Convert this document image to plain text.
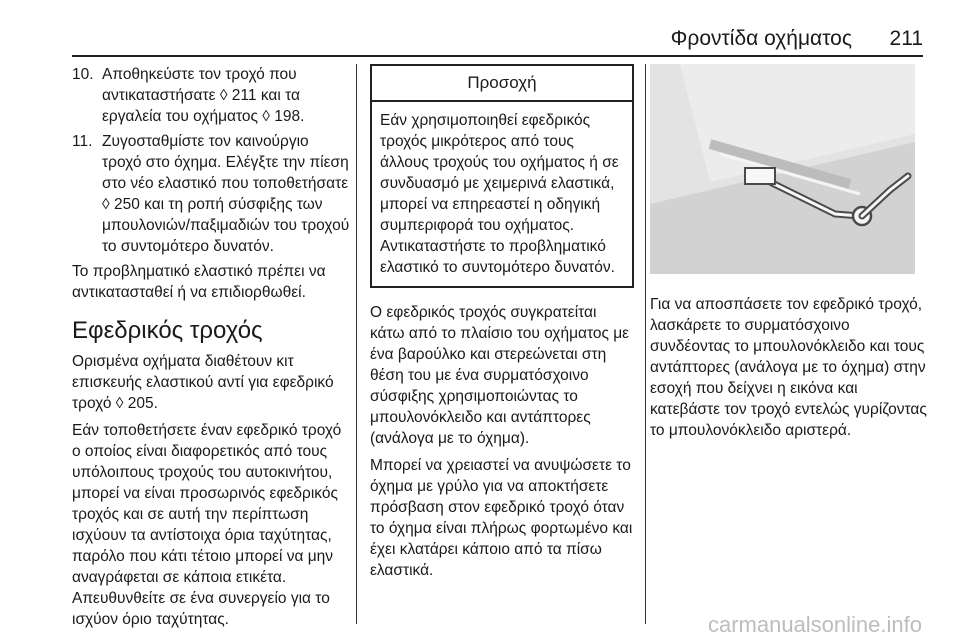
Φροντίδα οχήματος 211
10. Αποθηκεύστε τον τροχό που αντικαταστήσατε ◊ 211 και τα εργαλεία του οχήματος ◊ 198.
11. Ζυγοσταθμίστε τον καινούργιο τροχό στο όχημα. Ελέγξτε την πίεση στο νέο ελαστικό που τοποθετήσατε ◊ 250 και τη ροπή σύσφιξης των μπουλονιών/παξιμαδιών του τροχού το συντομότερο δυνατόν.

Το προβληματικό ελαστικό πρέπει να αντικατασταθεί ή να επιδιορθωθεί.

Εφεδρικός τροχός

Ορισμένα οχήματα διαθέτουν κιτ επισκευής ελαστικού αντί για εφεδρικό τροχό ◊ 205.

Εάν τοποθετήσετε έναν εφεδρικό τροχό ο οποίος είναι διαφορετικός από τους υπόλοιπους τροχούς του αυτοκινήτου, μπορεί να είναι προσωρινός εφεδρικός τροχός και σε αυτή την περίπτωση ισχύουν τα αντίστοιχα όρια ταχύτητας, παρόλο που κάτι τέτοιο μπορεί να μην αναγράφεται σε κάποια ετικέτα. Απευθυνθείτε σε ένα συνεργείο για το ισχύον όριο ταχύτητας.

Προσοχή
Εάν χρησιμοποιηθεί εφεδρικός τροχός μικρότερος από τους άλλους τροχούς του οχήματος ή σε συνδυασμό με χειμερινά ελαστικά, μπορεί να επηρεαστεί η οδηγική συμπεριφορά του οχήματος. Αντικαταστήστε το προβληματικό ελαστικό το συντομότερο δυνατόν.

Ο εφεδρικός τροχός συγκρατείται κάτω από το πλαίσιο του οχήματος με ένα βαρούλκο και στερεώνεται στη θέση του με ένα συρματόσχοινο σύσφιξης χρησιμοποιώντας το μπουλονόκλειδο και αντάπτορες (ανάλογα με το όχημα).

Μπορεί να χρειαστεί να ανυψώσετε το όχημα με γρύλο για να αποκτήσετε πρόσβαση στον εφεδρικό τροχό όταν το όχημα είναι πλήρως φορτωμένο και έχει κλατάρει κάποιο από τα πίσω ελαστικά.

Για να αποσπάσετε τον εφεδρικό τροχό, λασκάρετε το συρματόσχοινο συνδέοντας το μπουλονόκλειδο και τους αντάπτορες (ανάλογα με το όχημα) στην εσοχή που δείχνει η εικόνα και κατεβάστε τον τροχό εντελώς γυρίζοντας το μπουλονόκλειδο αριστερά.

carmanualsonline.info
